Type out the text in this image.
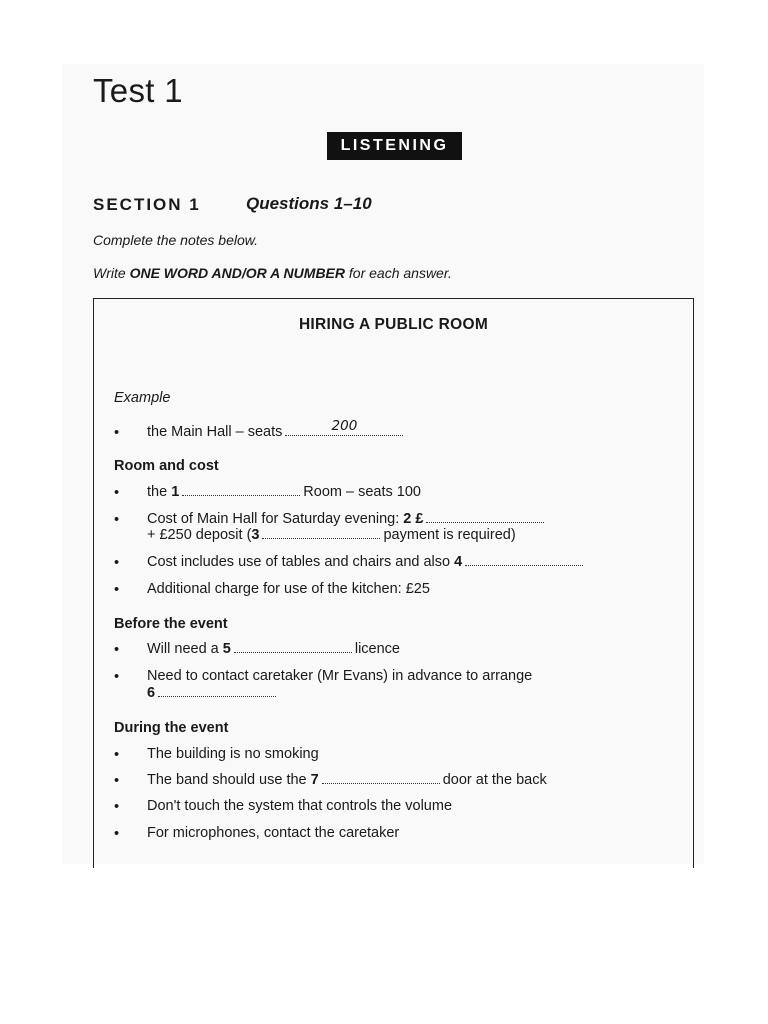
Test 1
LISTENING
SECTION 1	Questions 1–10
Complete the notes below.
Write ONE WORD AND/OR A NUMBER for each answer.
HIRING A PUBLIC ROOM
Example
• the Main Hall – seats	200
Room and cost
• the 1	Room – seats 100
• Cost of Main Hall for Saturday evening: 2 £
+ £250 deposit (3	payment is required)
• Cost includes use of tables and chairs and also 4
• Additional charge for use of the kitchen: £25
Before the event
• Will need a 5	licence
• Need to contact caretaker (Mr Evans) in advance to arrange
6
During the event
• The building is no smoking
• The band should use the 7	door at the back
• Don't touch the system that controls the volume
• For microphones, contact the caretaker
